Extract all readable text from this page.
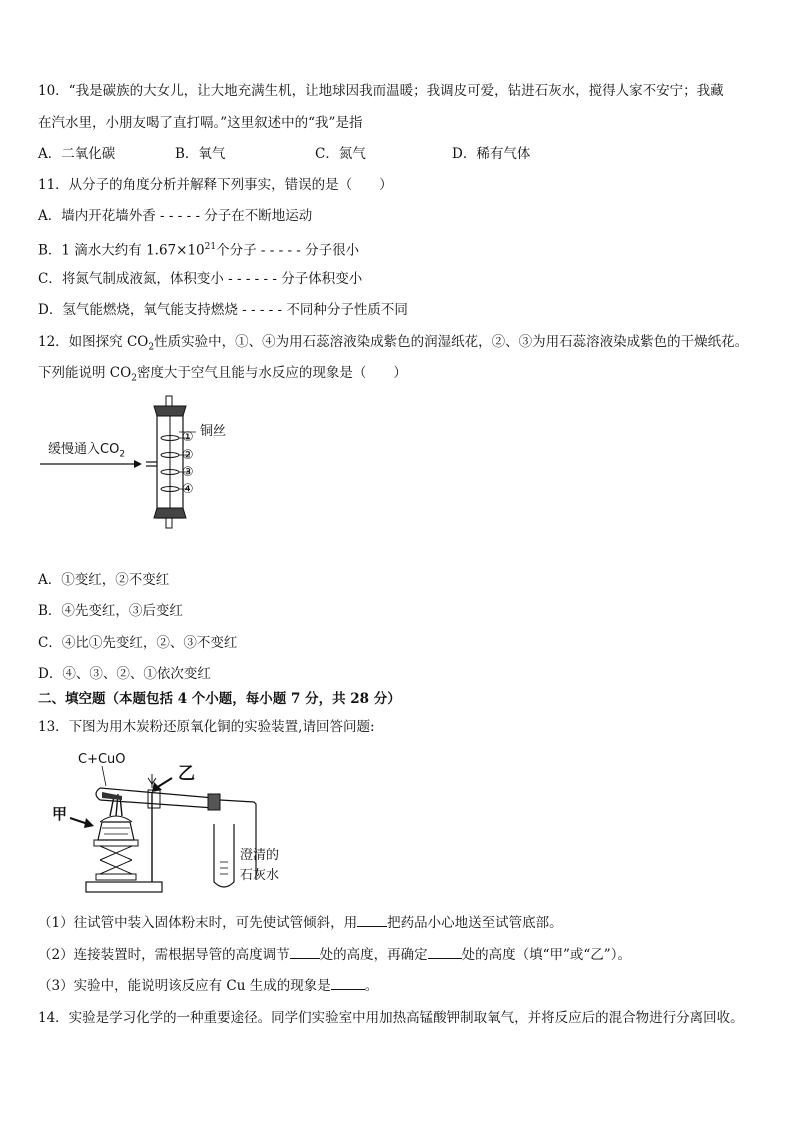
10．“我是碳族的大女儿，让大地充满生机，让地球因我而温暖；我调皮可爱，钻进石灰水，搅得人家不安宁；我藏
在汽水里，小朋友喝了直打嗝。”这里叙述中的“我”是指
A．二氧化碳	B．氧气	C．氮气	D．稀有气体
11．从分子的角度分析并解释下列事实，错误的是（　　）
A．墙内开花墙外香 - - - - - 分子在不断地运动
B．1 滴水大约有 $1.67\times 10^{21}$个分子 - - - - - 分子很小
C．将氮气制成液氮，体积变小 - - - - - - 分子体积变小
D．氢气能燃烧，氧气能支持燃烧 - - - - - 不同种分子性质不同
12．如图探究 $CO_2$性质实验中，①、④为用石蕊溶液染成紫色的润湿纸花，②、③为用石蕊溶液染成紫色的干燥纸花。
下列能说明 $CO_2$密度大于空气且能与水反应的现象是（　　）
缓慢通入$CO_2$
铜丝
①
②
③
④
A．①变红，②不变红
B．④先变红，③后变红
C．④比①先变红，②、③不变红
D．④、③、②、①依次变红
二、填空题（本题包括 4 个小题，每小题 7 分，共 28 分）
13．下图为用木炭粉还原氧化铜的实验装置,请回答问题:
C+CuO
甲
乙
澄清的
石灰水
（1）往试管中装入固体粉末时，可先使试管倾斜，用 把药品小心地送至试管底部。
（2）连接装置时，需根据导管的高度调节 处的高度，再确定	处的高度（填“甲”或“乙”）。
（3）实验中，能说明该反应有 Cu 生成的现象是	。
14．实验是学习化学的一种重要途径。同学们实验室中用加热高锰酸钾制取氧气，并将反应后的混合物进行分离回收。
